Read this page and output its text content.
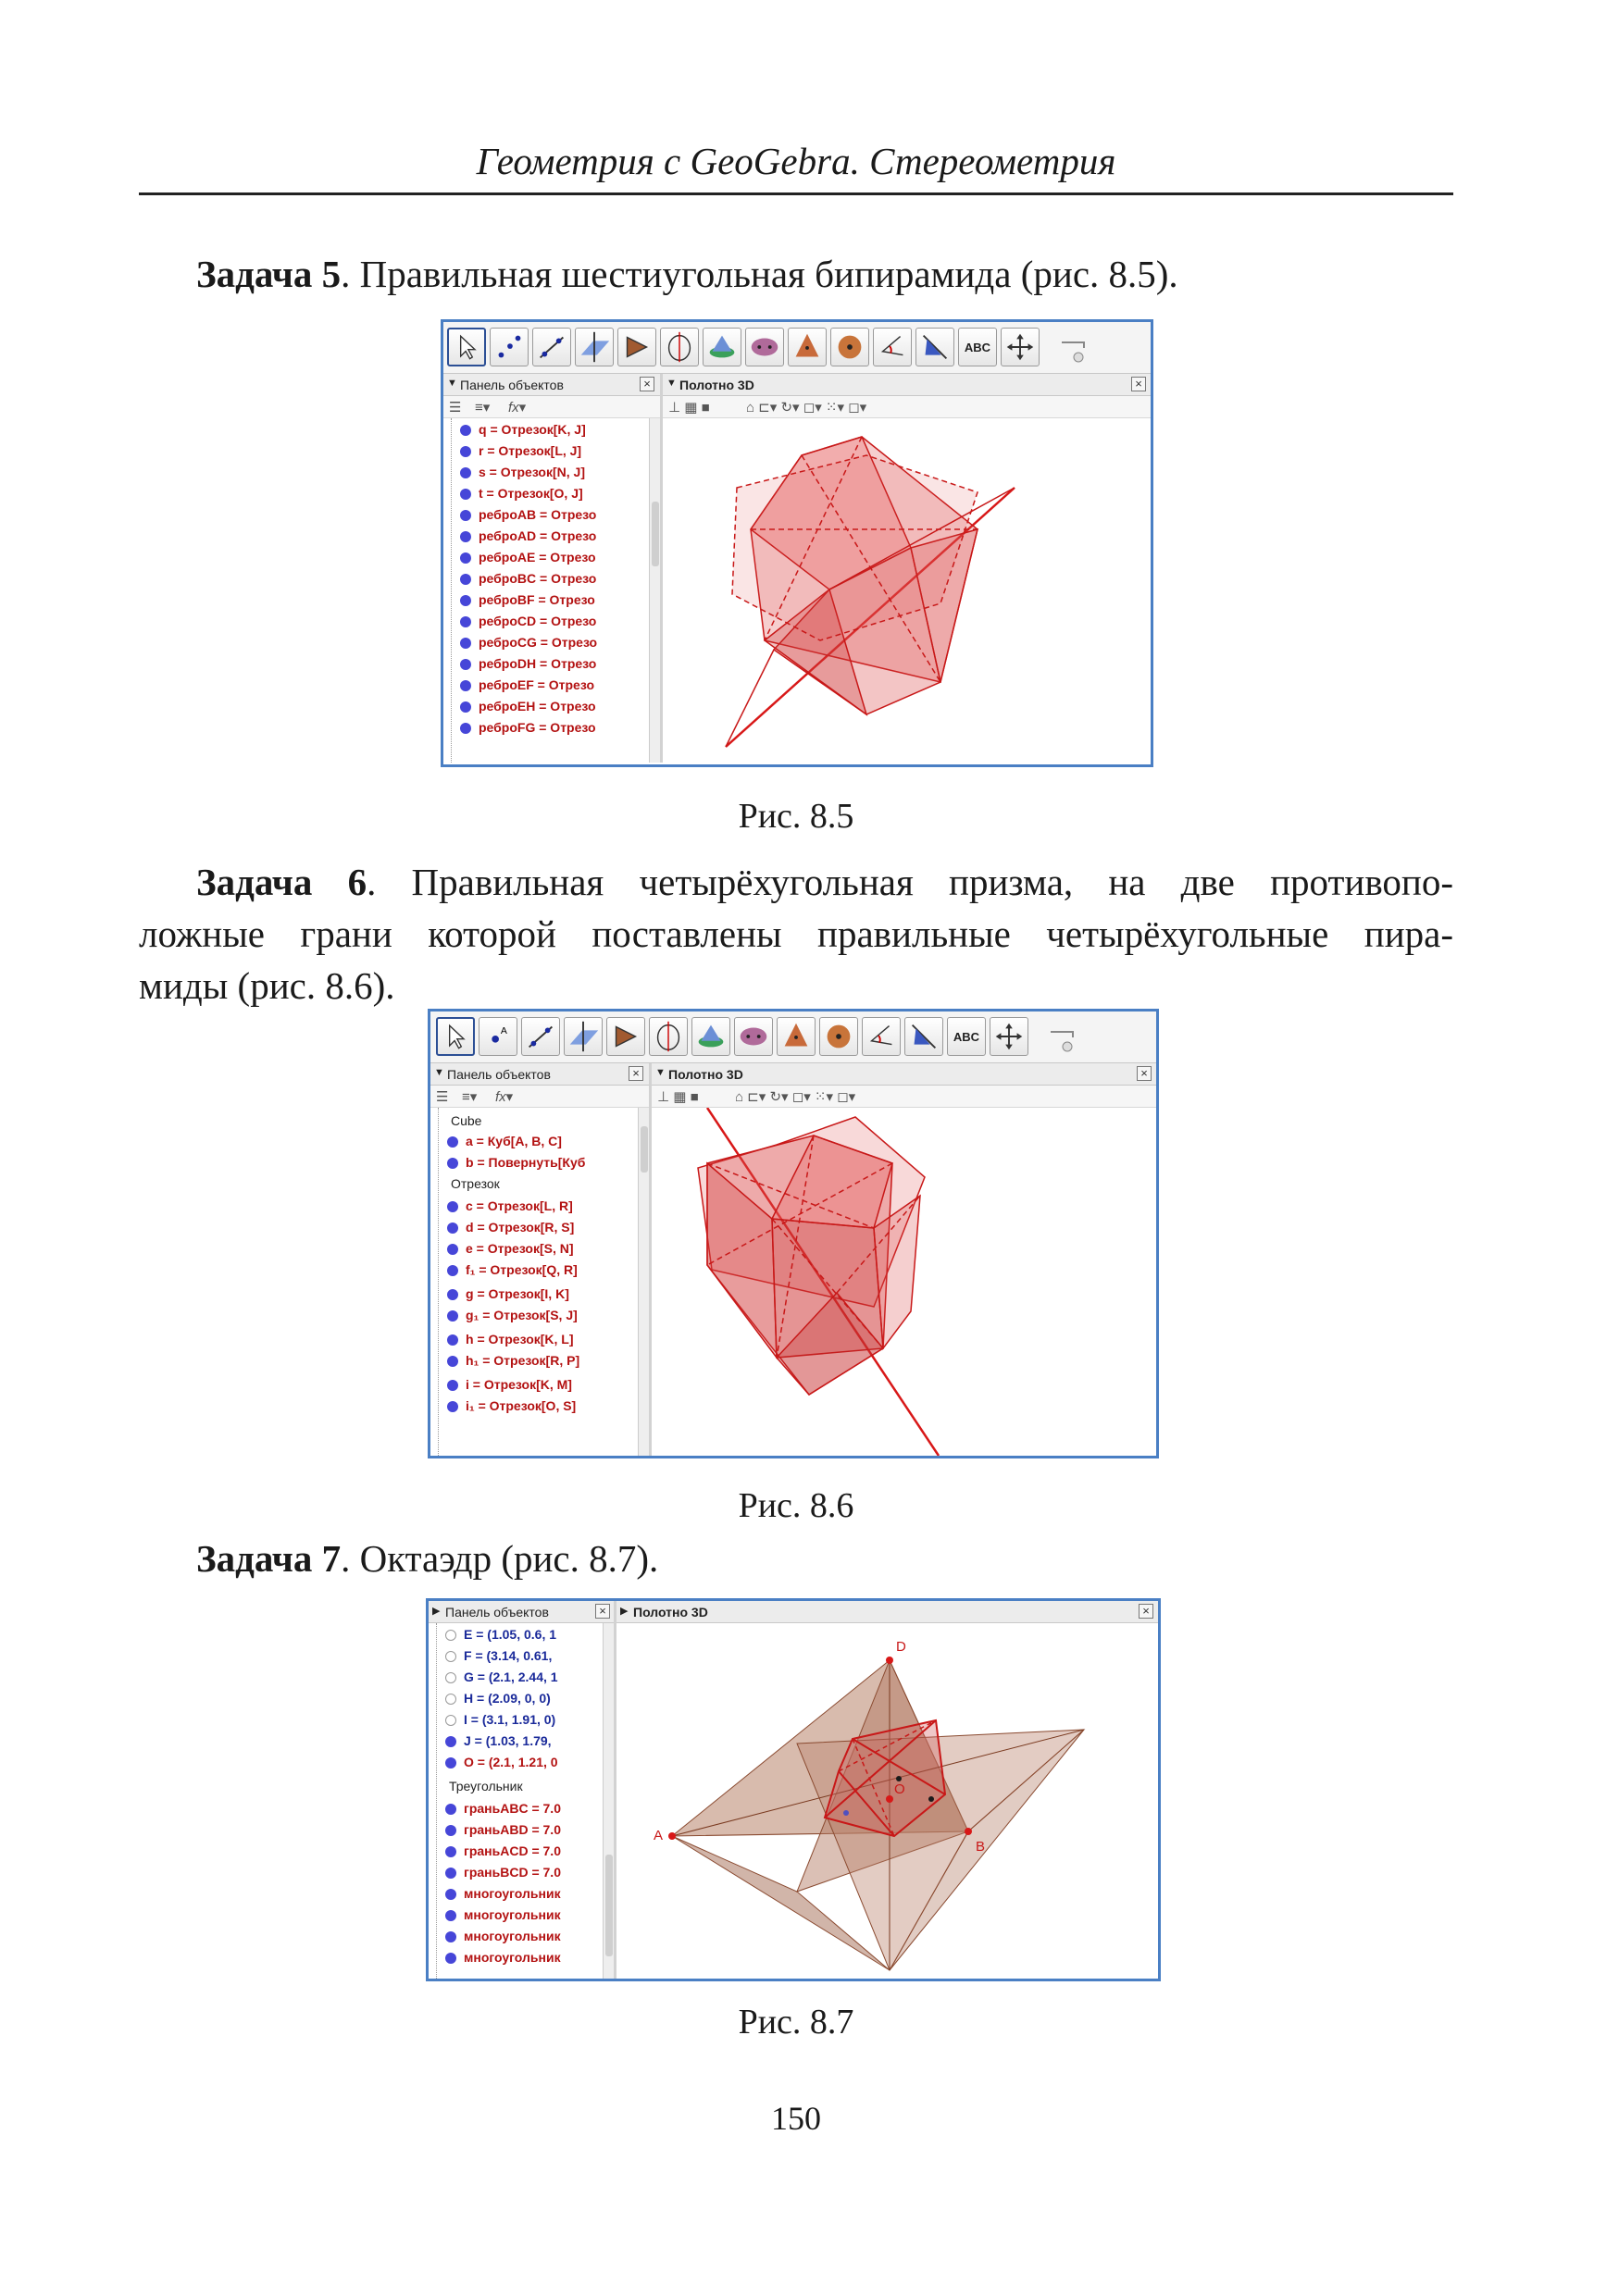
Геометрия с GeoGebra. Стереометрия
Задача 5. Правильная шестиугольная бипирамида (рис. 8.5).
ABC
▼ Панель объектов	×	▼ Полотно 3D	×
☰ ≡▾ fx▾	⊥ ▦ ■	⌂ ⊏▾ ↻▾ ◻▾ ⁙▾ ◻▾
q = Отрезок[K, J]
r = Отрезок[L, J]
s = Отрезок[N, J]
t = Отрезок[O, J]
реброAB = Отрезо
реброAD = Отрезо
реброAE = Отрезо
реброBC = Отрезо
реброBF = Отрезо
реброCD = Отрезо
реброCG = Отрезо
реброDH = Отрезо
реброEF = Отрезо
реброEH = Отрезо
реброFG = Отрезо
Рис. 8.5
Задача 6. Правильная четырёхугольная призма, на две противопо-
ложные грани которой поставлены правильные четырёхугольные пира-
миды (рис. 8.6).
A	ABC
▼ Панель объектов	×	▼ Полотно 3D	×
☰ ≡▾ fx▾	⊥ ▦ ■	⌂ ⊏▾ ↻▾ ◻▾ ⁙▾ ◻▾
Cube
a = Куб[A, B, C]
b = Повернуть[Куб
Отрезок
c = Отрезок[L, R]
d = Отрезок[R, S]
e = Отрезок[S, N]
f₁ = Отрезок[Q, R]
g = Отрезок[I, K]
g₁ = Отрезок[S, J]
h = Отрезок[K, L]
h₁ = Отрезок[R, P]
i = Отрезок[K, M]
i₁ = Отрезок[O, S]
Рис. 8.6
Задача 7. Октаэдр (рис. 8.7).
▶ Панель объектов	×	▶ Полотно 3D	×
E = (1.05, 0.6, 1
F = (3.14, 0.61,
G = (2.1, 2.44, 1
H = (2.09, 0, 0)
I = (3.1, 1.91, 0)
J = (1.03, 1.79,
O = (2.1, 1.21, 0
Треугольник
граньABC = 7.0
граньABD = 7.0
граньACD = 7.0
граньBCD = 7.0
многоугольник
многоугольник
многоугольник
многоугольник
D
A
B
O
Рис. 8.7
150
